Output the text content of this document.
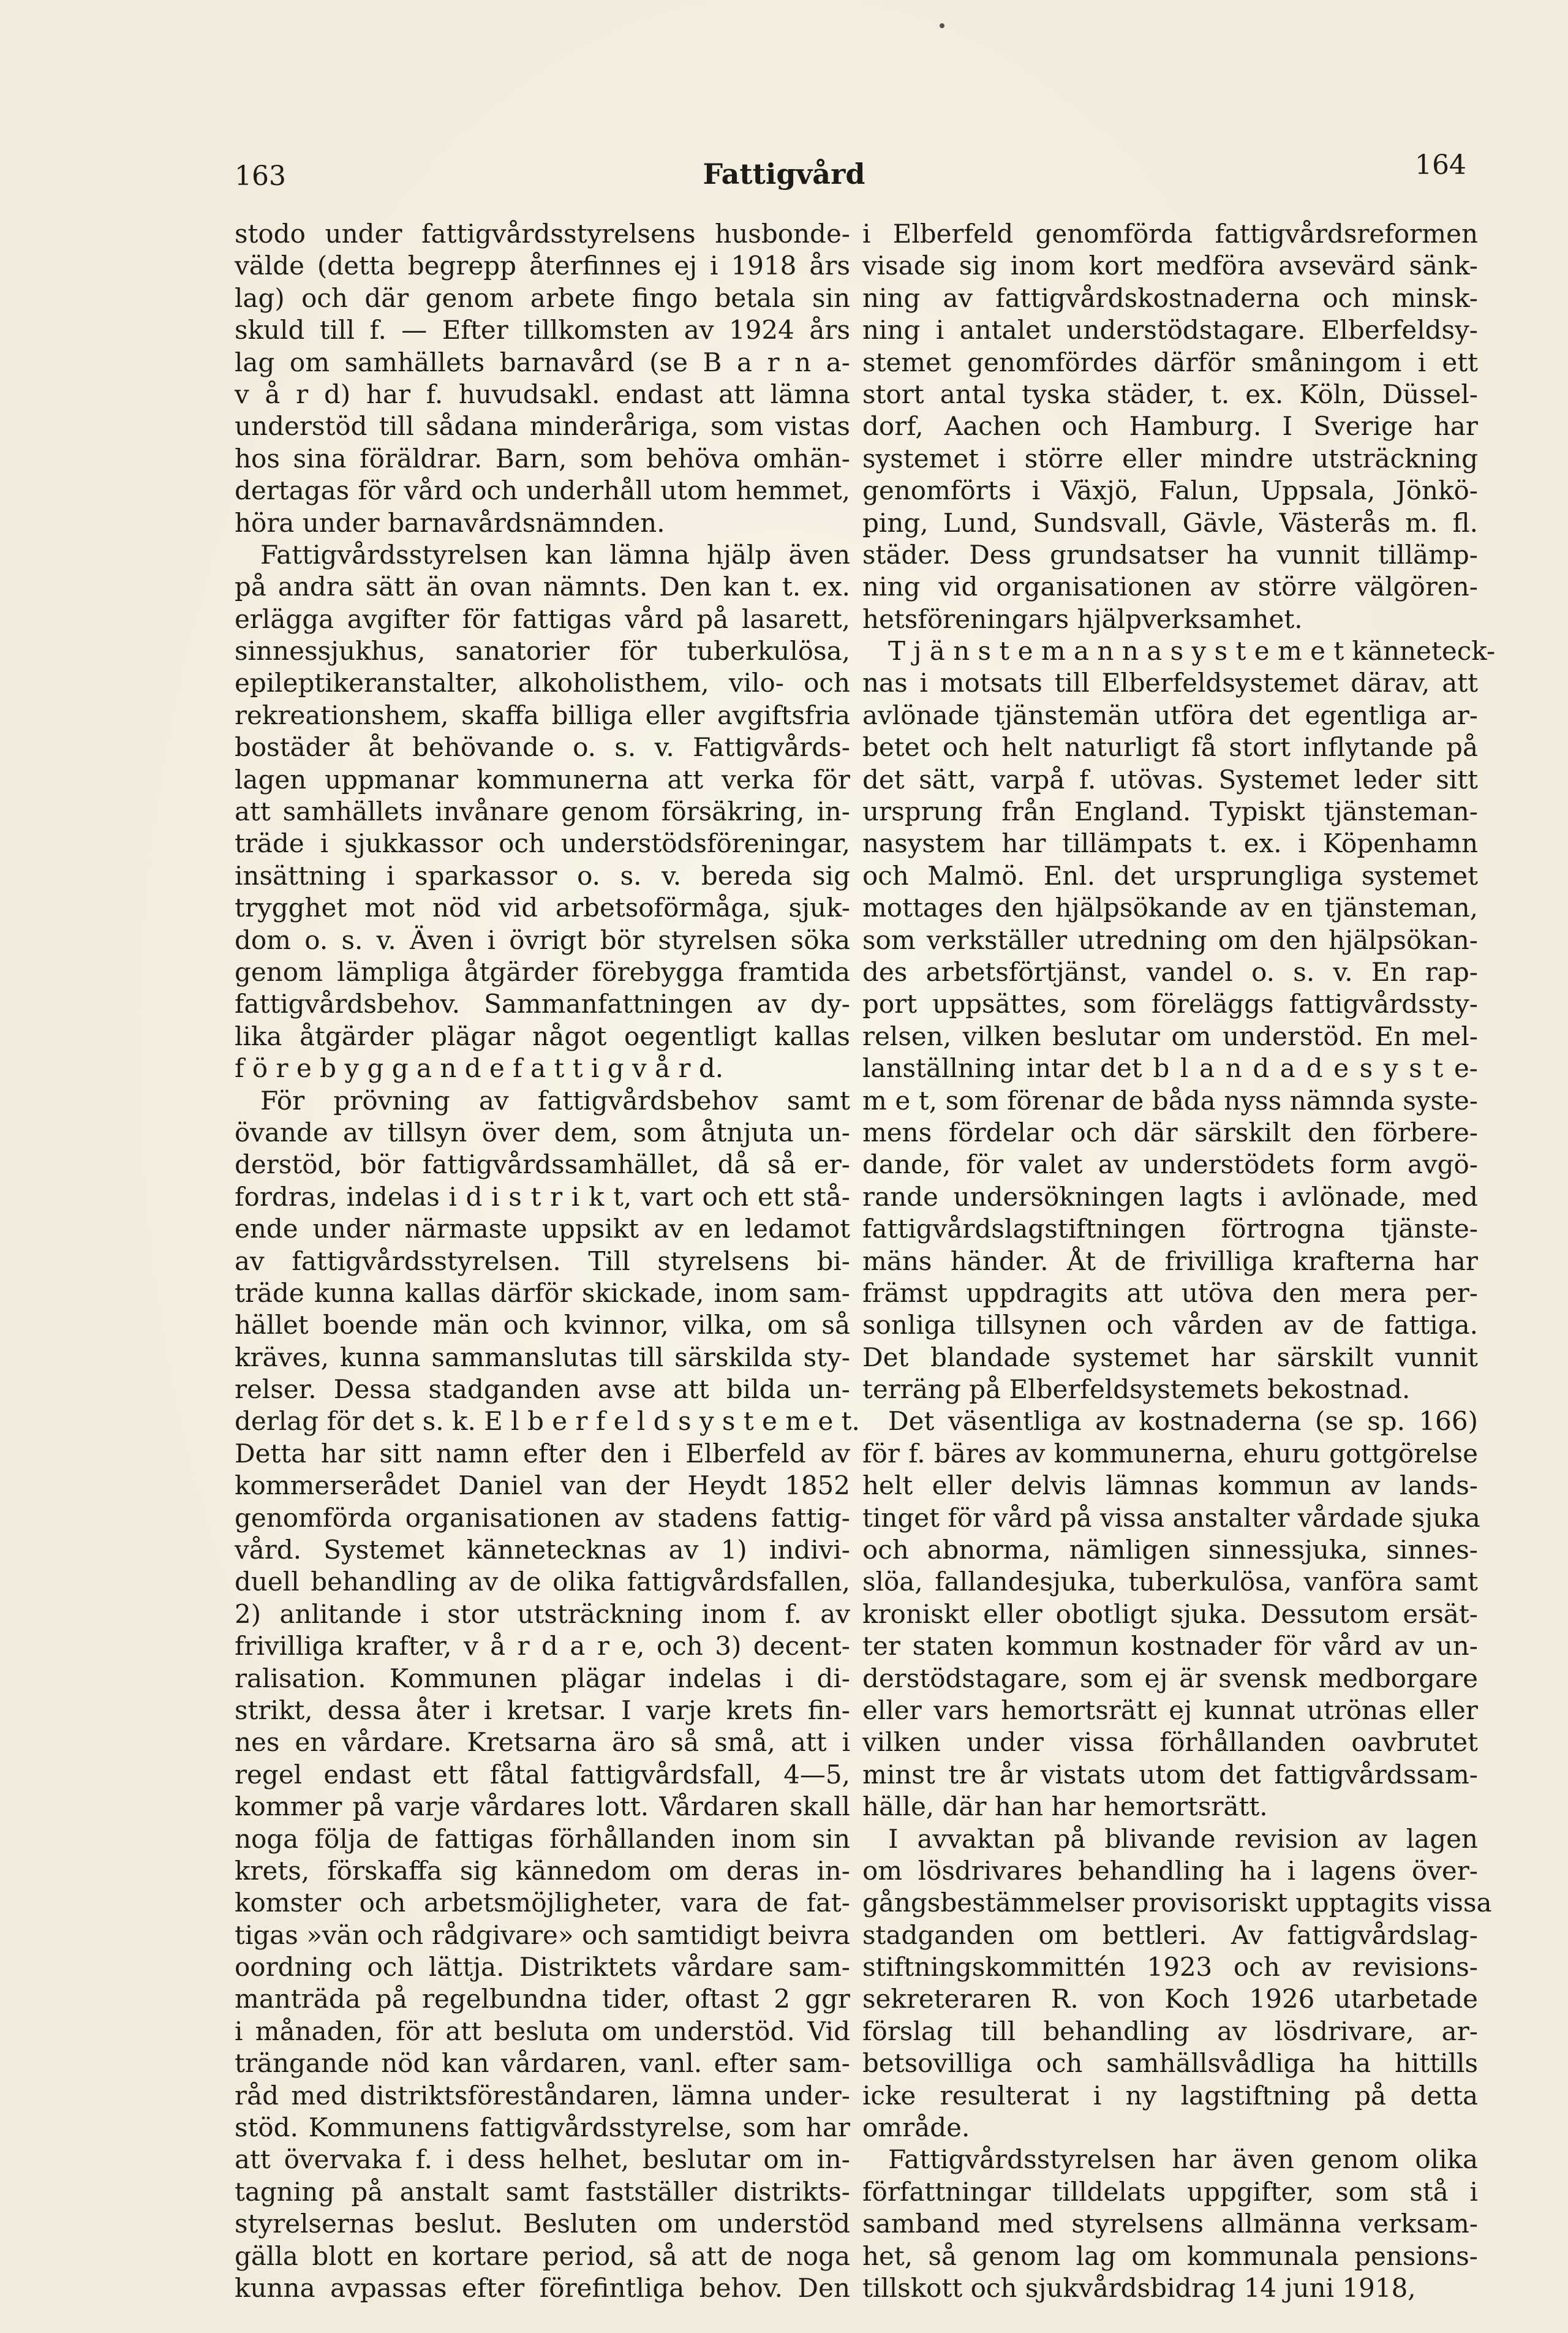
163	Fattigvård	164
stodo under fattigvårdsstyrelsens husbonde-
välde (detta begrepp återfinnes ej i 1918 års
lag) och där genom arbete fingo betala sin
skuld till f. — Efter tillkomsten av 1924 års
lag om samhällets barnavård (se B a r n a-
v å r d) har f. huvudsakl. endast att lämna
understöd till sådana minderåriga, som vistas
hos sina föräldrar. Barn, som behöva omhän-
dertagas för vård och underhåll utom hemmet,
höra under barnavårdsnämnden.
Fattigvårdsstyrelsen kan lämna hjälp även
på andra sätt än ovan nämnts. Den kan t. ex.
erlägga avgifter för fattigas vård på lasarett,
sinnessjukhus, sanatorier för tuberkulösa,
epileptikeranstalter, alkoholisthem, vilo- och
rekreationshem, skaffa billiga eller avgiftsfria
bostäder åt behövande o. s. v. Fattigvårds-
lagen uppmanar kommunerna att verka för
att samhällets invånare genom försäkring, in-
träde i sjukkassor och understödsföreningar,
insättning i sparkassor o. s. v. bereda sig
trygghet mot nöd vid arbetsoförmåga, sjuk-
dom o. s. v. Även i övrigt bör styrelsen söka
genom lämpliga åtgärder förebygga framtida
fattigvårdsbehov. Sammanfattningen av dy-
lika åtgärder plägar något oegentligt kallas
f ö r e b y g g a n d e f a t t i g v å r d.
För prövning av fattigvårdsbehov samt
övande av tillsyn över dem, som åtnjuta un-
derstöd, bör fattigvårdssamhället, då så er-
fordras, indelas i d i s t r i k t, vart och ett stå-
ende under närmaste uppsikt av en ledamot
av fattigvårdsstyrelsen. Till styrelsens bi-
träde kunna kallas därför skickade, inom sam-
hället boende män och kvinnor, vilka, om så
kräves, kunna sammanslutas till särskilda sty-
relser. Dessa stadganden avse att bilda un-
derlag för det s. k. E l b e r f e l d s y s t e m e t.
Detta har sitt namn efter den i Elberfeld av
kommerserådet Daniel van der Heydt 1852
genomförda organisationen av stadens fattig-
vård. Systemet kännetecknas av 1) indivi-
duell behandling av de olika fattigvårdsfallen,
2) anlitande i stor utsträckning inom f. av
frivilliga krafter, v å r d a r e, och 3) decent-
ralisation. Kommunen plägar indelas i di-
strikt, dessa åter i kretsar. I varje krets fin-
nes en vårdare. Kretsarna äro så små, att i
regel endast ett fåtal fattigvårdsfall, 4—5,
kommer på varje vårdares lott. Vårdaren skall
noga följa de fattigas förhållanden inom sin
krets, förskaffa sig kännedom om deras in-
komster och arbetsmöjligheter, vara de fat-
tigas »vän och rådgivare» och samtidigt beivra
oordning och lättja. Distriktets vårdare sam-
manträda på regelbundna tider, oftast 2 ggr
i månaden, för att besluta om understöd. Vid
trängande nöd kan vårdaren, vanl. efter sam-
råd med distriktsföreståndaren, lämna under-
stöd. Kommunens fattigvårdsstyrelse, som har
att övervaka f. i dess helhet, beslutar om in-
tagning på anstalt samt fastställer distrikts-
styrelsernas beslut. Besluten om understöd
gälla blott en kortare period, så att de noga
kunna avpassas efter förefintliga behov. Den
i Elberfeld genomförda fattigvårdsreformen
visade sig inom kort medföra avsevärd sänk-
ning av fattigvårdskostnaderna och minsk-
ning i antalet understödstagare. Elberfeldsy-
stemet genomfördes därför småningom i ett
stort antal tyska städer, t. ex. Köln, Düssel-
dorf, Aachen och Hamburg. I Sverige har
systemet i större eller mindre utsträckning
genomförts i Växjö, Falun, Uppsala, Jönkö-
ping, Lund, Sundsvall, Gävle, Västerås m. fl.
städer. Dess grundsatser ha vunnit tillämp-
ning vid organisationen av större välgören-
hetsföreningars hjälpverksamhet.
T j ä n s t e m a n n a s y s t e m e t känneteck-
nas i motsats till Elberfeldsystemet därav, att
avlönade tjänstemän utföra det egentliga ar-
betet och helt naturligt få stort inflytande på
det sätt, varpå f. utövas. Systemet leder sitt
ursprung från England. Typiskt tjänsteman-
nasystem har tillämpats t. ex. i Köpenhamn
och Malmö. Enl. det ursprungliga systemet
mottages den hjälpsökande av en tjänsteman,
som verkställer utredning om den hjälpsökan-
des arbetsförtjänst, vandel o. s. v. En rap-
port uppsättes, som föreläggs fattigvårdssty-
relsen, vilken beslutar om understöd. En mel-
lanställning intar det b l a n d a d e s y s t e-
m e t, som förenar de båda nyss nämnda syste-
mens fördelar och där särskilt den förbere-
dande, för valet av understödets form avgö-
rande undersökningen lagts i avlönade, med
fattigvårdslagstiftningen förtrogna tjänste-
mäns händer. Åt de frivilliga krafterna har
främst uppdragits att utöva den mera per-
sonliga tillsynen och vården av de fattiga.
Det blandade systemet har särskilt vunnit
terräng på Elberfeldsystemets bekostnad.
Det väsentliga av kostnaderna (se sp. 166)
för f. bäres av kommunerna, ehuru gottgörelse
helt eller delvis lämnas kommun av lands-
tinget för vård på vissa anstalter vårdade sjuka
och abnorma, nämligen sinnessjuka, sinnes-
slöa, fallandesjuka, tuberkulösa, vanföra samt
kroniskt eller obotligt sjuka. Dessutom ersät-
ter staten kommun kostnader för vård av un-
derstödstagare, som ej är svensk medborgare
eller vars hemortsrätt ej kunnat utrönas eller
vilken under vissa förhållanden oavbrutet
minst tre år vistats utom det fattigvårdssam-
hälle, där han har hemortsrätt.
I avvaktan på blivande revision av lagen
om lösdrivares behandling ha i lagens över-
gångsbestämmelser provisoriskt upptagits vissa
stadganden om bettleri. Av fattigvårdslag-
stiftningskommittén 1923 och av revisions-
sekreteraren R. von Koch 1926 utarbetade
förslag till behandling av lösdrivare, ar-
betsovilliga och samhällsvådliga ha hittills
icke resulterat i ny lagstiftning på detta
område.
Fattigvårdsstyrelsen har även genom olika
författningar tilldelats uppgifter, som stå i
samband med styrelsens allmänna verksam-
het, så genom lag om kommunala pensions-
tillskott och sjukvårdsbidrag 14 juni 1918,
